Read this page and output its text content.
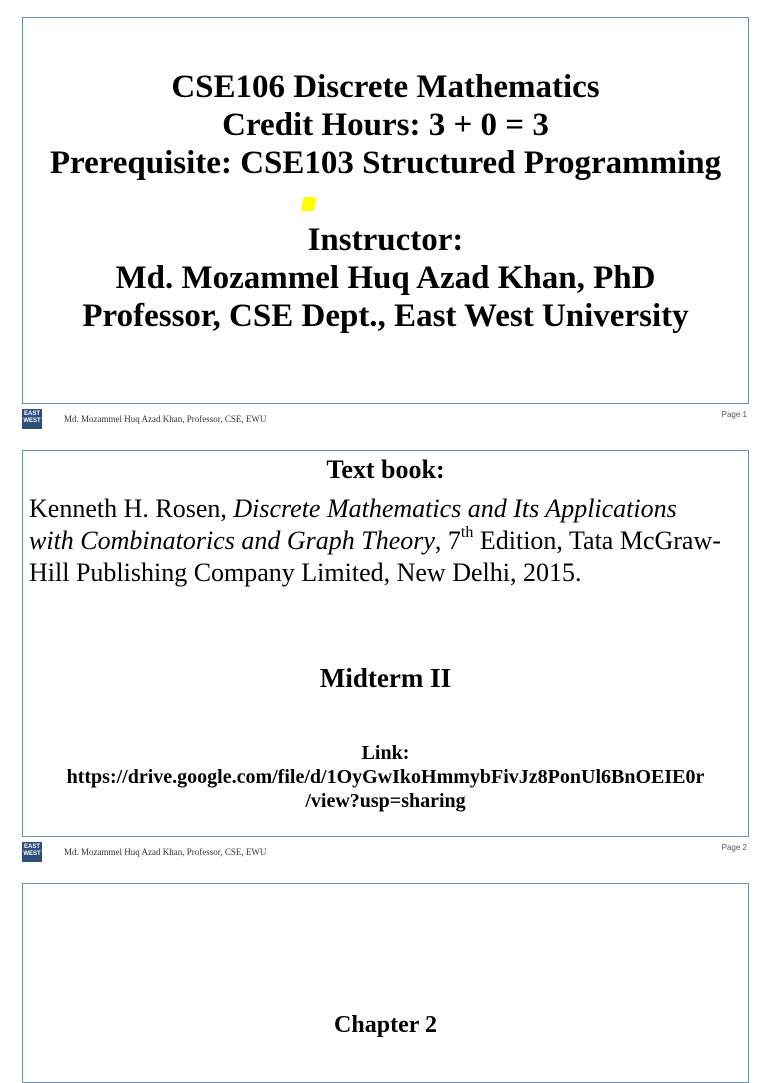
CSE106 Discrete Mathematics
Credit Hours: 3 + 0 = 3
Prerequisite: CSE103 Structured Programming
Instructor:
Md. Mozammel Huq Azad Khan, PhD
Professor, CSE Dept., East West University
EAST
WEST	Md. Mozammel Huq Azad Khan, Professor, CSE, EWU	Page 1
Text book:
Kenneth H. Rosen, Discrete Mathematics and Its Applications with Combinatorics and Graph Theory, 7th Edition, Tata McGraw-Hill Publishing Company Limited, New Delhi, 2015.
Midterm II
Link:
https://drive.google.com/file/d/1OyGwIkoHmmybFivJz8PonUl6BnOEIE0r
/view?usp=sharing
EAST
WEST	Md. Mozammel Huq Azad Khan, Professor, CSE, EWU	Page 2
Chapter 2
